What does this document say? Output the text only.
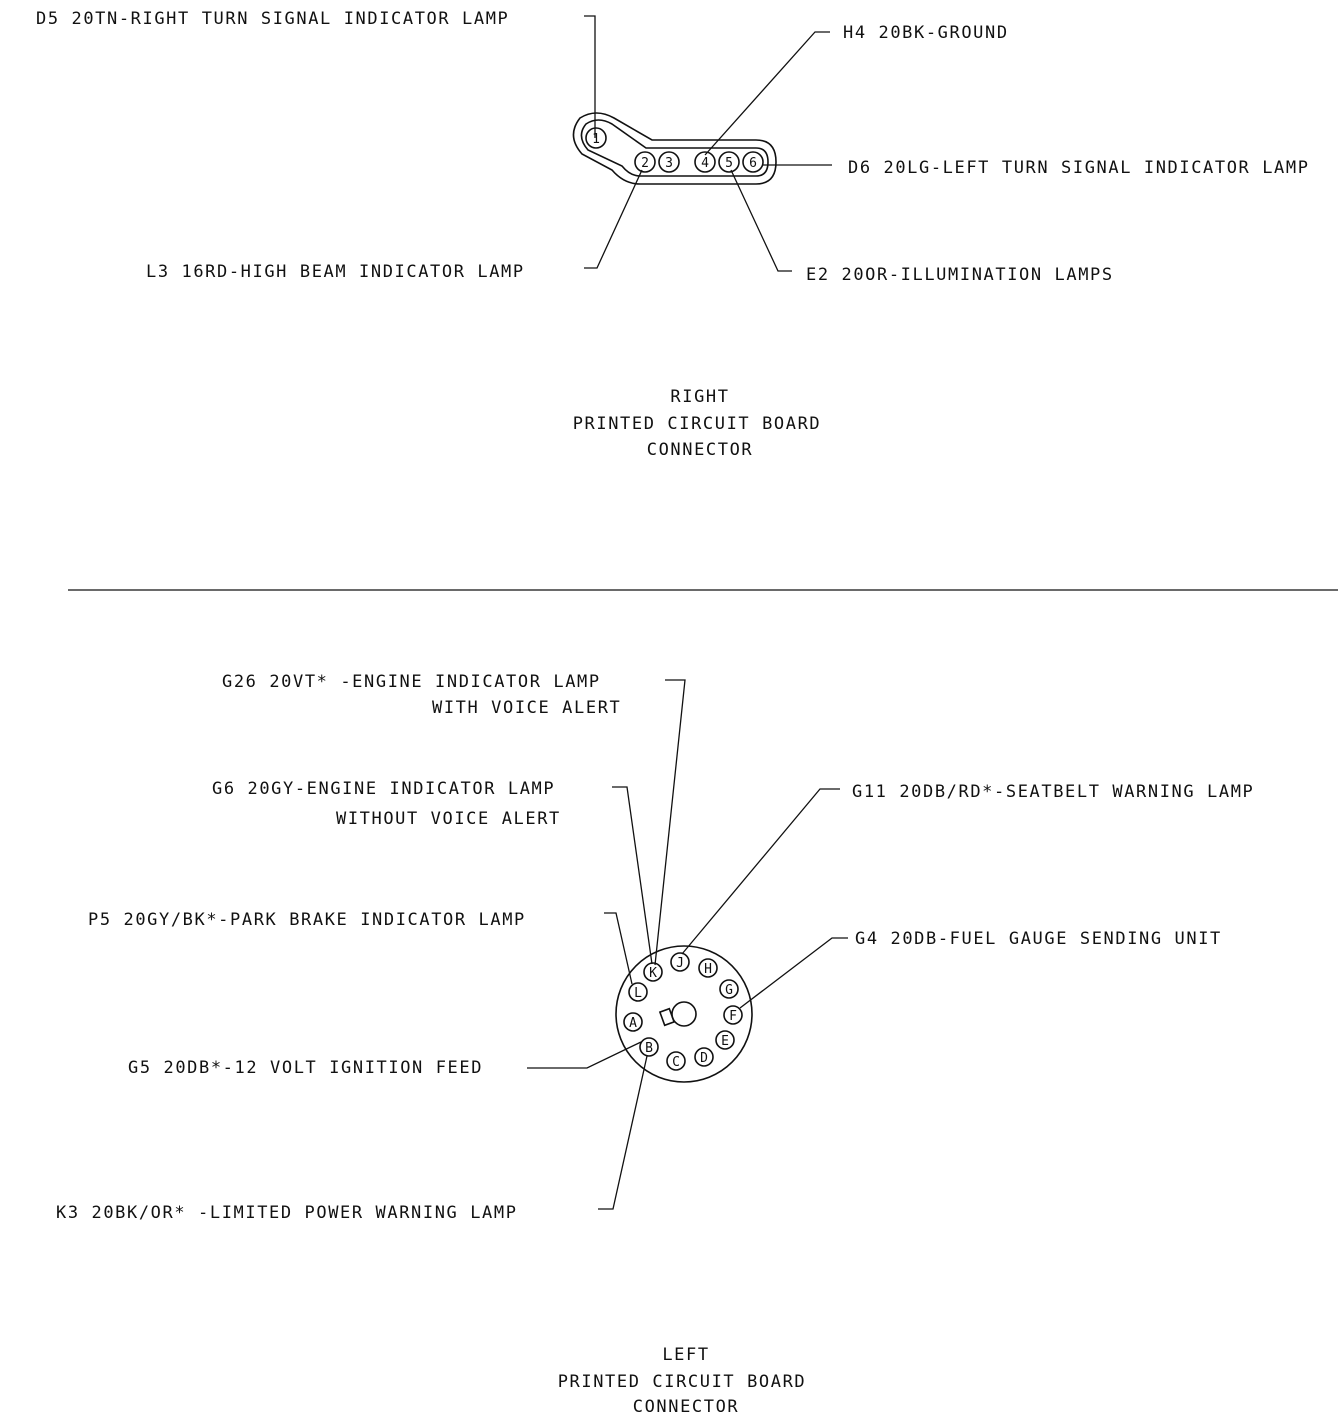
1
2 3 4 5 6
D5 20TN-RIGHT TURN SIGNAL INDICATOR LAMP
H4 20BK-GROUND
D6 20LG-LEFT TURN SIGNAL INDICATOR LAMP
L3 16RD-HIGH BEAM INDICATOR LAMP	E2 20OR-ILLUMINATION LAMPS
RIGHT
PRINTED CIRCUIT BOARD
CONNECTOR
A
B
C D
E
F
G
H
J
K
L
G26 20VT* -ENGINE INDICATOR LAMP
WITH VOICE ALERT
G6 20GY-ENGINE INDICATOR LAMP
WITHOUT VOICE ALERT
P5 20GY/BK*-PARK BRAKE INDICATOR LAMP
G5 20DB*-12 VOLT IGNITION FEED
K3 20BK/OR* -LIMITED POWER WARNING LAMP
G11 20DB/RD*-SEATBELT WARNING LAMP
G4 20DB-FUEL GAUGE SENDING UNIT
LEFT
PRINTED CIRCUIT BOARD
CONNECTOR
